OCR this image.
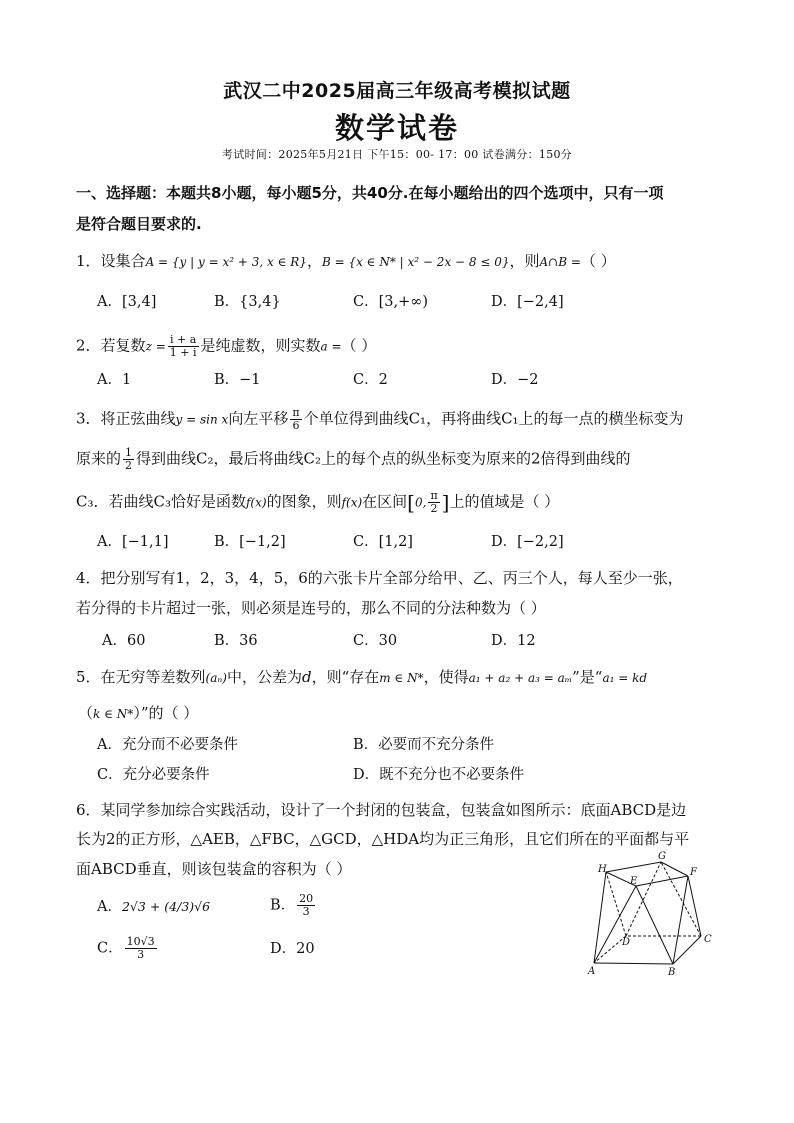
武汉二中2025届高三年级高考模拟试题
数学试卷
考试时间：2025年5月21日 下午15：00- 17：00 试卷满分：150分
一、选择题：本题共8小题，每小题5分，共40分.在每小题给出的四个选项中，只有一项
是符合题目要求的.
1．设集合A = {y | y = x² + 3, x ∈ R}，B = {x ∈ N* | x² − 2x − 8 ≤ 0}，则A∩B =（ ）
A．[3,4]	B．{3,4}	C．[3,+∞)	D．[−2,4]
2．若复数$z = \frac{i + a}{1 + i}$ 是纯虚数，则实数a =（ ）
A．1	B．−1	C．2	D．−2
3．将正弦曲线y = sin x向左平移 $\frac{\pi}{6}$ 个单位得到曲线C₁，再将曲线C₁上的每一点的横坐标变为
原来的 $\frac{1}{2}$ 得到曲线C₂，最后将曲线C₂上的每个点的纵坐标变为原来的2倍得到曲线的
C₃．若曲线C₃恰好是函数f(x)的图象，则f(x)在区间[0, $\frac{\pi}{2}$ ]上的值域是（ ）
A．[−1,1]	B．[−1,2]	C．[1,2]	D．[−2,2]
4．把分别写有1，2，3，4，5，6的六张卡片全部分给甲、乙、丙三个人，每人至少一张，
若分得的卡片超过一张，则必须是连号的，那么不同的分法种数为（ ）
A．60	B．36	C．30	D．12
5．在无穷等差数列(aₙ)中，公差为d，则“存在m ∈ N*，使得a₁ + a₂ + a₃ = aₘ”是“a₁ = kd
（k ∈ N*）”的（ ）
A．充分而不必要条件	B．必要而不充分条件
C．充分必要条件	D．既不充分也不必要条件
6．某同学参加综合实践活动，设计了一个封闭的包装盒，包装盒如图所示：底面ABCD是边
长为2的正方形，△AEB，△FBC，△GCD，△HDA均为正三角形，且它们所在的平面都与平
面ABCD垂直，则该包装盒的容积为（ ）
A．2√3 + (4/3)√6	B． $\frac{20}{3}$
C． $\frac{10√3}{3}$	D．20
H
G
F
E
D	C
A	B
